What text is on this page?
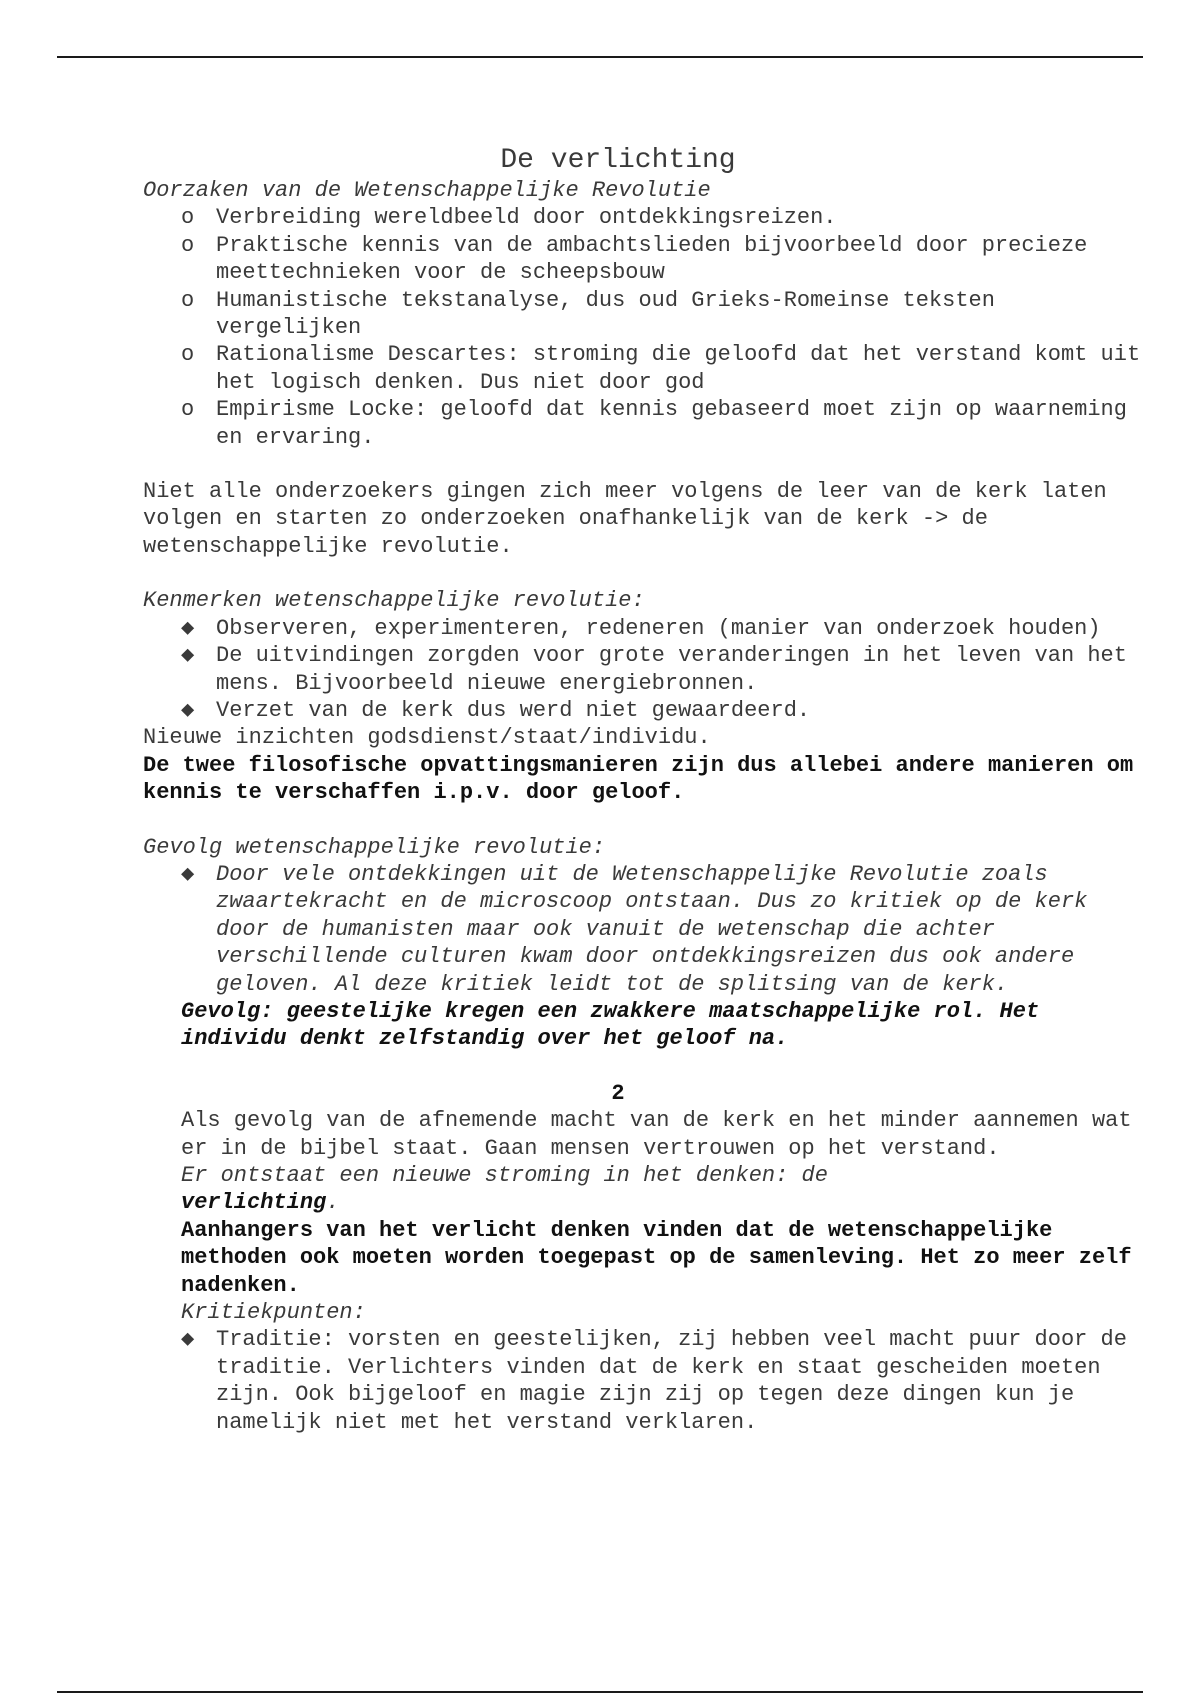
De verlichting

Oorzaken van de Wetenschappelijke Revolutie

o Verbreiding wereldbeeld door ontdekkingsreizen.
o Praktische kennis van de ambachtslieden bijvoorbeeld door precieze meettechnieken voor de scheepsbouw
o Humanistische tekstanalyse, dus oud Grieks-Romeinse teksten vergelijken
o Rationalisme Descartes: stroming die geloofd dat het verstand komt uit het logisch denken. Dus niet door god
o Empirisme Locke: geloofd dat kennis gebaseerd moet zijn op waarneming en ervaring.

Niet alle onderzoekers gingen zich meer volgens de leer van de kerk laten volgen en starten zo onderzoeken onafhankelijk van de kerk -> de wetenschappelijke revolutie.

Kenmerken wetenschappelijke revolutie:

◆ Observeren, experimenteren, redeneren (manier van onderzoek houden)
◆ De uitvindingen zorgden voor grote veranderingen in het leven van het mens. Bijvoorbeeld nieuwe energiebronnen.
◆ Verzet van de kerk dus werd niet gewaardeerd.

Nieuwe inzichten godsdienst/staat/individu.

De twee filosofische opvattingsmanieren zijn dus allebei andere manieren om kennis te verschaffen i.p.v. door geloof.

Gevolg wetenschappelijke revolutie:

◆ Door vele ontdekkingen uit de Wetenschappelijke Revolutie zoals zwaartekracht en de microscoop ontstaan. Dus zo kritiek op de kerk door de humanisten maar ook vanuit de wetenschap die achter verschillende culturen kwam door ontdekkingsreizen dus ook andere geloven. Al deze kritiek leidt tot de splitsing van de kerk.

Gevolg: geestelijke kregen een zwakkere maatschappelijke rol. Het individu denkt zelfstandig over het geloof na.

2

Als gevolg van de afnemende macht van de kerk en het minder aannemen wat er in de bijbel staat. Gaan mensen vertrouwen op het verstand.

Er ontstaat een nieuwe stroming in het denken: de
verlichting.

Aanhangers van het verlicht denken vinden dat de wetenschappelijke methoden ook moeten worden toegepast op de samenleving. Het zo meer zelf nadenken.

Kritiekpunten:

◆ Traditie: vorsten en geestelijken, zij hebben veel macht puur door de traditie. Verlichters vinden dat de kerk en staat gescheiden moeten zijn. Ook bijgeloof en magie zijn zij op tegen deze dingen kun je namelijk niet met het verstand verklaren.
